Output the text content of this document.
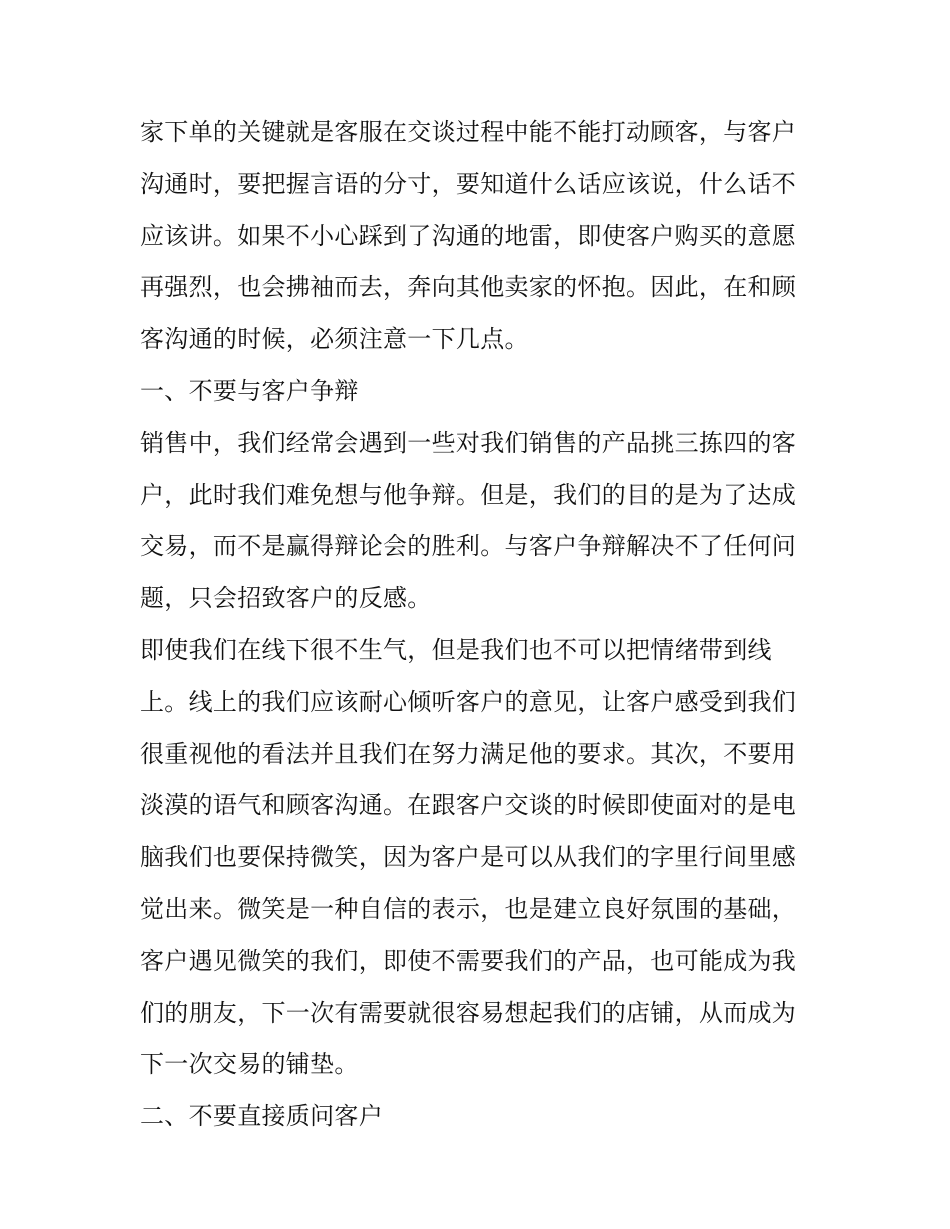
家下单的关键就是客服在交谈过程中能不能打动顾客，与客户
沟通时，要把握言语的分寸，要知道什么话应该说，什么话不
应该讲。如果不小心踩到了沟通的地雷，即使客户购买的意愿
再强烈，也会拂袖而去，奔向其他卖家的怀抱。因此，在和顾
客沟通的时候，必须注意一下几点。
一、不要与客户争辩
销售中，我们经常会遇到一些对我们销售的产品挑三拣四的客
户，此时我们难免想与他争辩。但是，我们的目的是为了达成
交易，而不是赢得辩论会的胜利。与客户争辩解决不了任何问
题，只会招致客户的反感。
即使我们在线下很不生气，但是我们也不可以把情绪带到线
上。线上的我们应该耐心倾听客户的意见，让客户感受到我们
很重视他的看法并且我们在努力满足他的要求。其次，不要用
淡漠的语气和顾客沟通。在跟客户交谈的时候即使面对的是电
脑我们也要保持微笑，因为客户是可以从我们的字里行间里感
觉出来。微笑是一种自信的表示，也是建立良好氛围的基础，
客户遇见微笑的我们，即使不需要我们的产品，也可能成为我
们的朋友，下一次有需要就很容易想起我们的店铺，从而成为
下一次交易的铺垫。
二、不要直接质问客户
